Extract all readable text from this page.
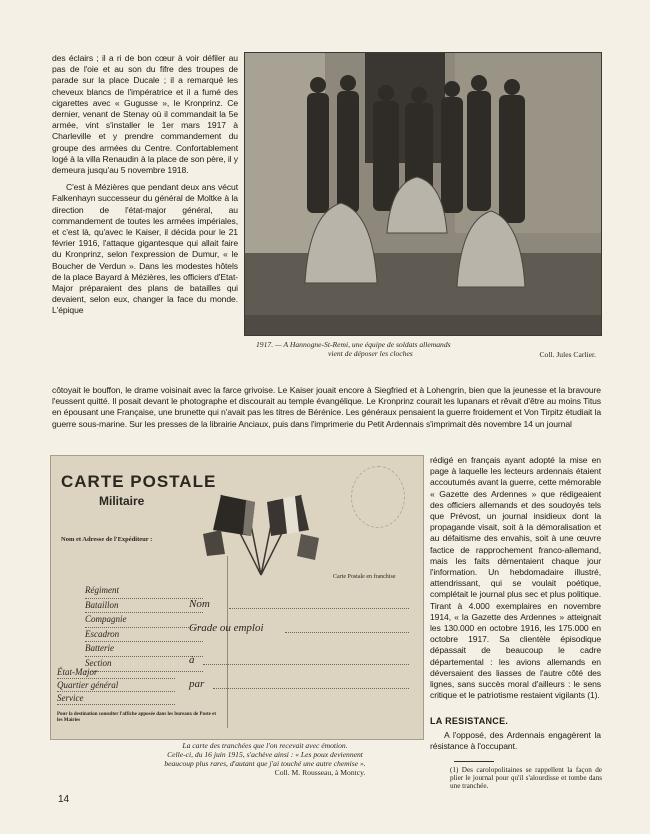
des éclairs ; il a ri de bon cœur à voir défiler au pas de l'oie et au son du fifre des troupes de parade sur la place Ducale ; il a remarqué les cheveux blancs de l'impératrice et il a fumé des cigarettes avec « Gugusse », le Kronprinz. Ce dernier, venant de Stenay où il commandait la 5e armée, vint s'installer le 1er mars 1917 à Charleville et y prendre commandement du groupe des armées du Centre. Confortablement logé à la villa Renaudin à la place de son père, il y demeura jusqu'au 5 novembre 1918.

C'est à Mézières que pendant deux ans vécut Falkenhayn successeur du général de Moltke à la direction de l'état-major général, au commandement de toutes les armées impériales, et c'est là, qu'avec le Kaiser, il décida pour le 21 février 1916, l'attaque gigantesque qui allait faire du Kronprinz, selon l'expression de Dumur, « le Boucher de Verdun ». Dans les modestes hôtels de la place Bayard à Mézières, les officiers d'Etat-Major préparaient des plans de batailles qui devaient, selon eux, changer la face du monde. L'épique

1917. — A Hannogne-St-Remi, une équipe de soldats allemands
vient de déposer les cloches	Coll. Jules Carlier.

côtoyait le bouffon, le drame voisinait avec la farce grivoise. Le Kaiser jouait encore à Siegfried et à Lohengrin, bien que la jeunesse et la bravoure l'eussent quitté. Il posait devant le photographe et discourait au temple évangélique. Le Kronprinz courait les lupanars et rêvait d'être au moins Titus en épousant une Française, une brunette qui n'avait pas les titres de Bérénice. Les généraux pensaient la guerre froidement et Von Tirpitz étudiait la guerre sous-marine. Sur les presses de la librairie Anciaux, puis dans l'imprimerie du Petit Ardennais s'imprimait dès novembre 14 un journal

CARTE POSTALE
Militaire
Nom et Adresse de l'Expéditeur :
Régiment
Bataillon
Compagnie
Escadron
Batterie
Section
État-Major
Quartier général
Service
Pour la destination consulter l'affiche apposée dans les bureaux de Poste et les Mairies
Carte Postale en franchise
Nom
Grade ou emploi
à
par
La carte des tranchées que l'on recevait avec émotion.
Celle-ci, du 16 juin 1915, s'achève ainsi : « Les poux deviennent
beaucoup plus rares, d'autant que j'ai touché une autre chemise ».
Coll. M. Rousseau, à Montcy.

rédigé en français ayant adopté la mise en page à laquelle les lecteurs ardennais étaient accoutumés avant la guerre, cette mémorable « Gazette des Ardennes » que rédigeaient des officiers allemands et des soudoyés tels que Prévost, un journal insidieux dont la propagande visait, soit à la démoralisation et au défaitisme des envahis, soit à une œuvre factice de rapprochement franco-allemand, mais les faits démentaient chaque jour l'information. Un hebdomadaire illustré, attendrissant, qui se voulait poétique, complétait le journal plus sec et plus politique. Tirant à 4.000 exemplaires en novembre 1914, « la Gazette des Ardennes » atteignait les 130.000 en octobre 1916, les 175.000 en octobre 1917. Sa clientèle épisodique dépassait de beaucoup le cadre départemental : les avions allemands en déversaient des liasses de l'autre côté des lignes, sans succès moral d'ailleurs : le sens critique et le patriotisme restaient vigilants (1).

LA RESISTANCE.

A l'opposé, des Ardennais engagèrent la résistance à l'occupant.

(1) Des carolopolitaines se rappellent la façon de plier le journal pour qu'il s'alourdisse et tombe dans une tranchée.
14
